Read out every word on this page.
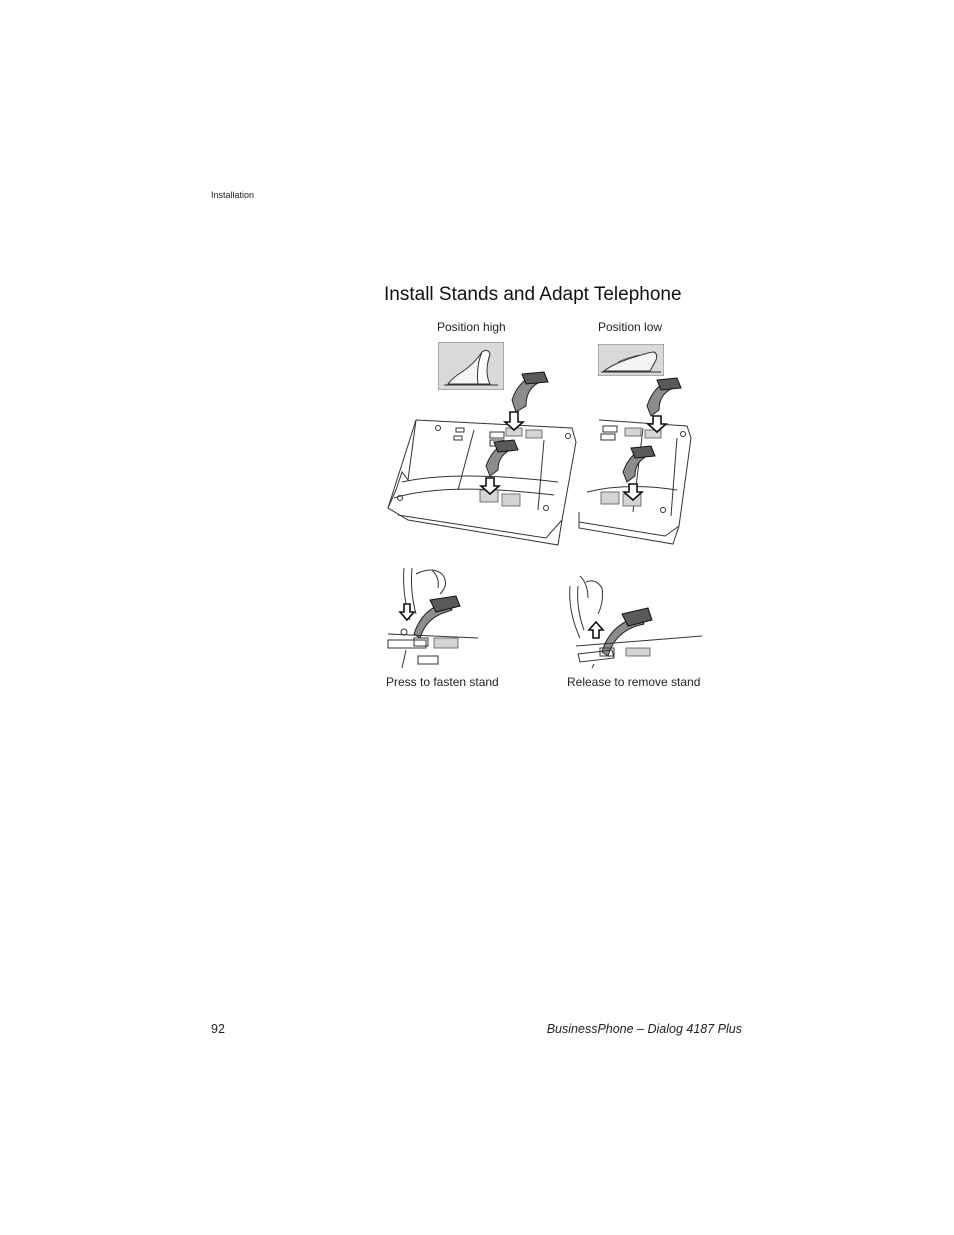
Installation
Install Stands and Adapt Telephone
Position high	Position low
Press to fasten stand	Release to remove stand
92	BusinessPhone – Dialog 4187 Plus
